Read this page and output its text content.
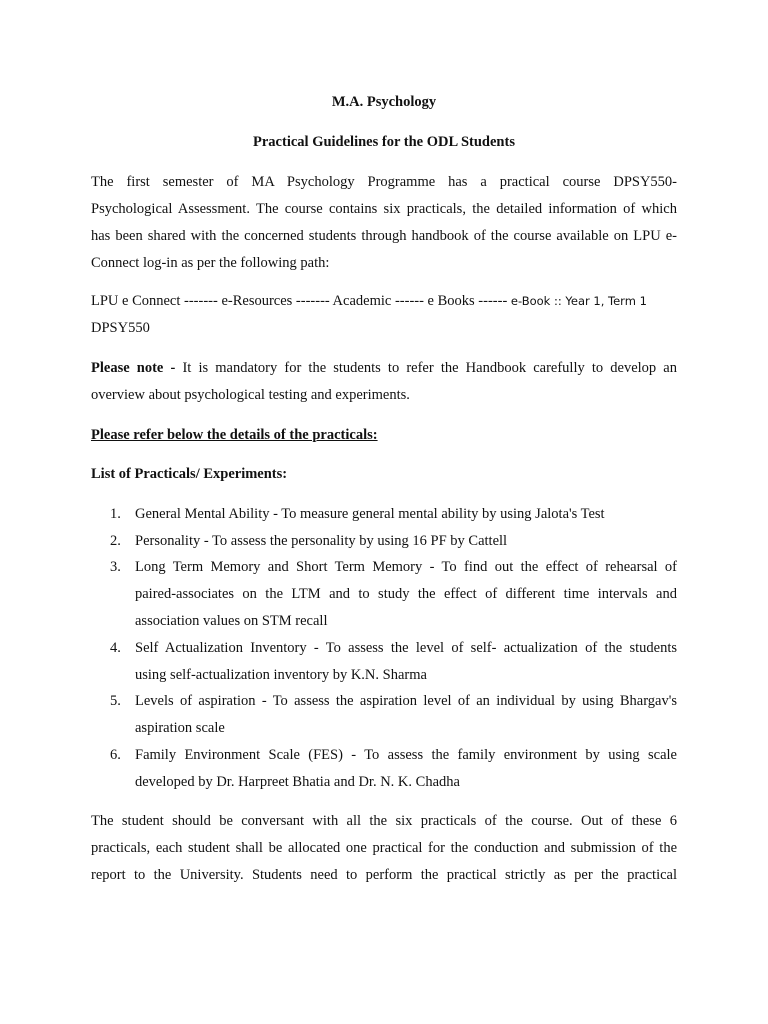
M.A. Psychology
Practical Guidelines for the ODL Students
The first semester of MA Psychology Programme has a practical course DPSY550-
Psychological Assessment. The course contains six practicals, the detailed information of which
has been shared with the concerned students through handbook of the course available on LPU e-
Connect log-in as per the following path:
LPU e Connect ------- e-Resources ------- Academic ------ e Books ------ e-Book :: Year 1, Term 1
DPSY550
Please note - It is mandatory for the students to refer the Handbook carefully to develop an
overview about psychological testing and experiments.
Please refer below the details of the practicals:
List of Practicals/ Experiments:
1. General Mental Ability - To measure general mental ability by using Jalota's Test
2. Personality - To assess the personality by using 16 PF by Cattell
3. Long Term Memory and Short Term Memory - To find out the effect of rehearsal of
paired-associates on the LTM and to study the effect of different time intervals and
association values on STM recall
4. Self Actualization Inventory - To assess the level of self- actualization of the students
using self-actualization inventory by K.N. Sharma
5. Levels of aspiration - To assess the aspiration level of an individual by using Bhargav's
aspiration scale
6. Family Environment Scale (FES) - To assess the family environment by using scale
developed by Dr. Harpreet Bhatia and Dr. N. K. Chadha
The student should be conversant with all the six practicals of the course. Out of these 6
practicals, each student shall be allocated one practical for the conduction and submission of the
report to the University. Students need to perform the practical strictly as per the practical
